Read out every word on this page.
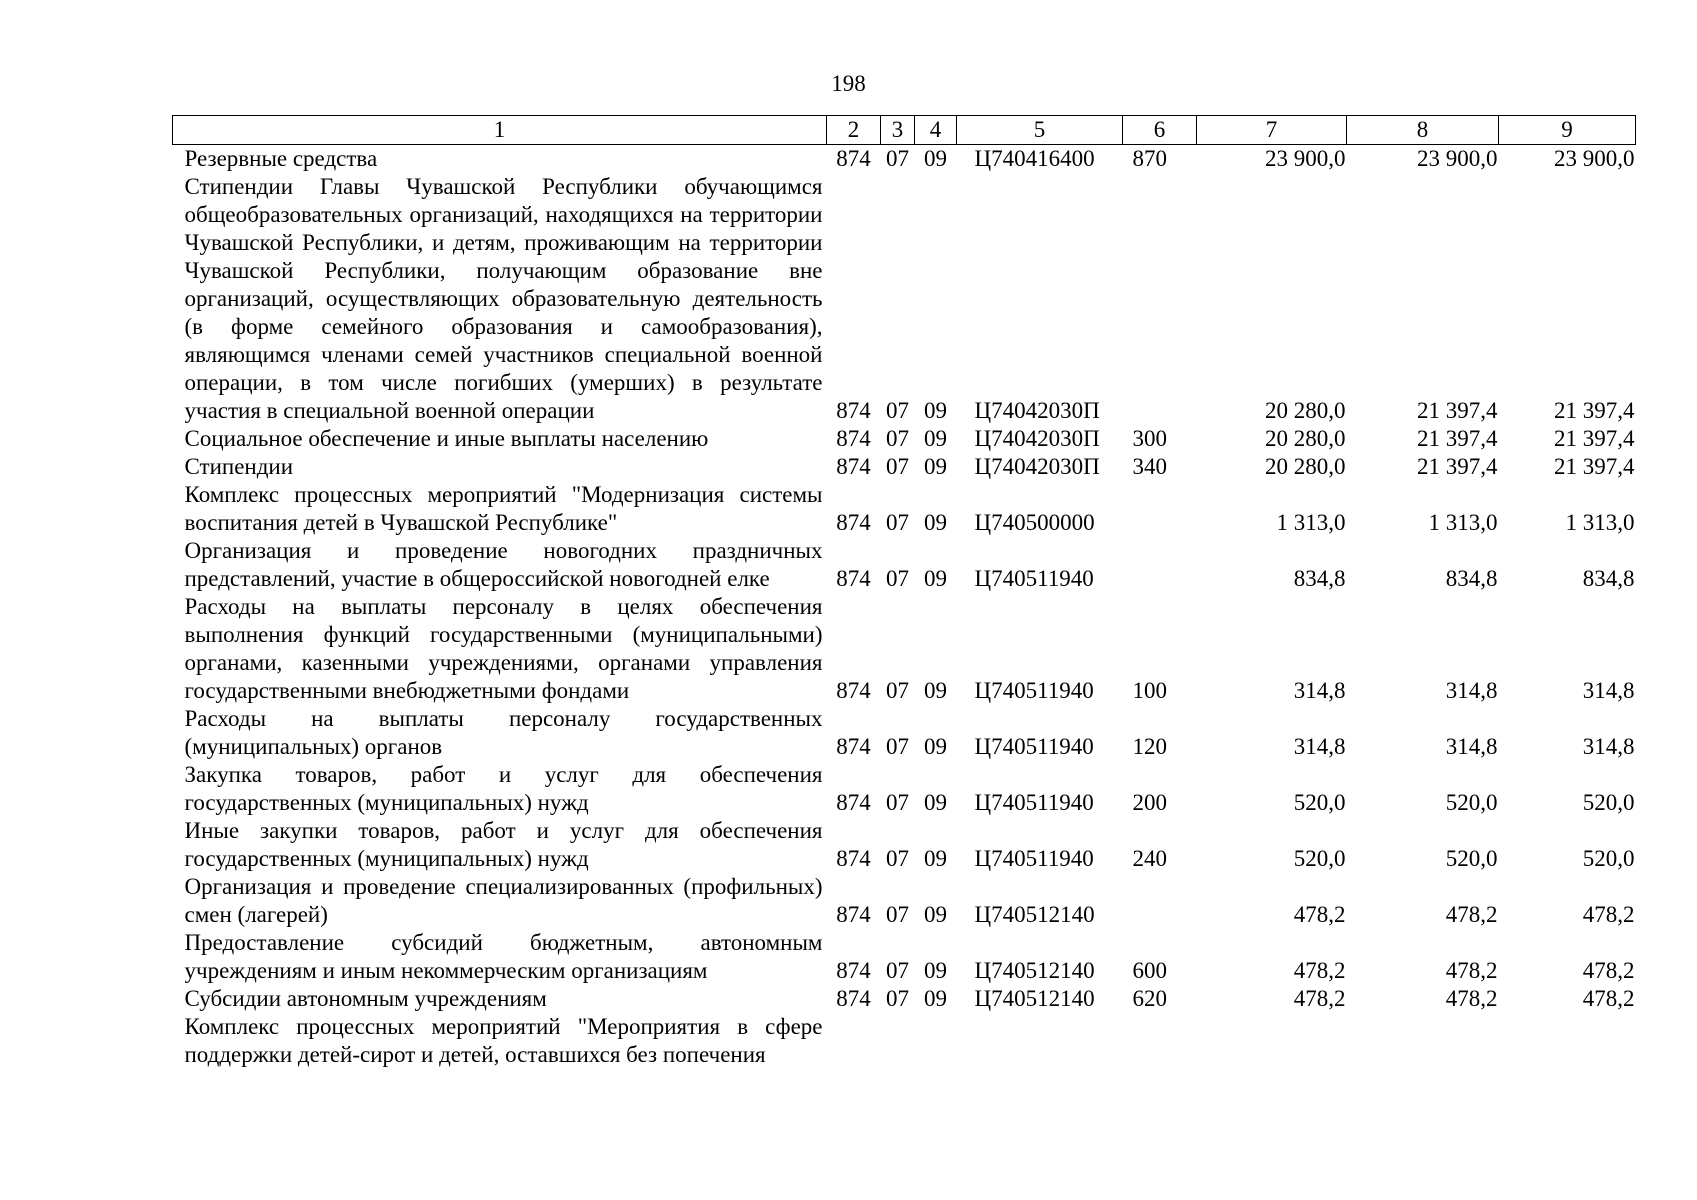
198
1	2	3	4	5	6	7	8	9
Резервные средства	874	07	09	Ц740416400	870	23 900,0	23 900,0	23 900,0
Стипендии Главы Чувашской Республики обучающимся общеобразовательных организаций, находящихся на территории Чувашской Республики, и детям, проживающим на территории Чувашской Республики, получающим образование вне организаций, осуществляющих образовательную деятельность (в форме семейного образования и самообразования), являющимся членами семей участников специальной военной операции, в том числе погибших (умерших) в результате участия в специальной военной операции	874	07	09	Ц74042030П		20 280,0	21 397,4	21 397,4
Социальное обеспечение и иные выплаты населению	874	07	09	Ц74042030П	300	20 280,0	21 397,4	21 397,4
Стипендии	874	07	09	Ц74042030П	340	20 280,0	21 397,4	21 397,4
Комплекс процессных мероприятий "Модернизация системы воспитания детей в Чувашской Республике"	874	07	09	Ц740500000		1 313,0	1 313,0	1 313,0
Организация и проведение новогодних праздничных представлений, участие в общероссийской новогодней елке	874	07	09	Ц740511940		834,8	834,8	834,8
Расходы на выплаты персоналу в целях обеспечения выполнения функций государственными (муниципальными) органами, казенными учреждениями, органами управления государственными внебюджетными фондами	874	07	09	Ц740511940	100	314,8	314,8	314,8
Расходы на выплаты персоналу государственных (муниципальных) органов	874	07	09	Ц740511940	120	314,8	314,8	314,8
Закупка товаров, работ и услуг для обеспечения государственных (муниципальных) нужд	874	07	09	Ц740511940	200	520,0	520,0	520,0
Иные закупки товаров, работ и услуг для обеспечения государственных (муниципальных) нужд	874	07	09	Ц740511940	240	520,0	520,0	520,0
Организация и проведение специализированных (профильных) смен (лагерей)	874	07	09	Ц740512140		478,2	478,2	478,2
Предоставление субсидий бюджетным, автономным учреждениям и иным некоммерческим организациям	874	07	09	Ц740512140	600	478,2	478,2	478,2
Субсидии автономным учреждениям	874	07	09	Ц740512140	620	478,2	478,2	478,2
Комплекс процессных мероприятий "Мероприятия в сфере поддержки детей-сирот и детей, оставшихся без попечения								
